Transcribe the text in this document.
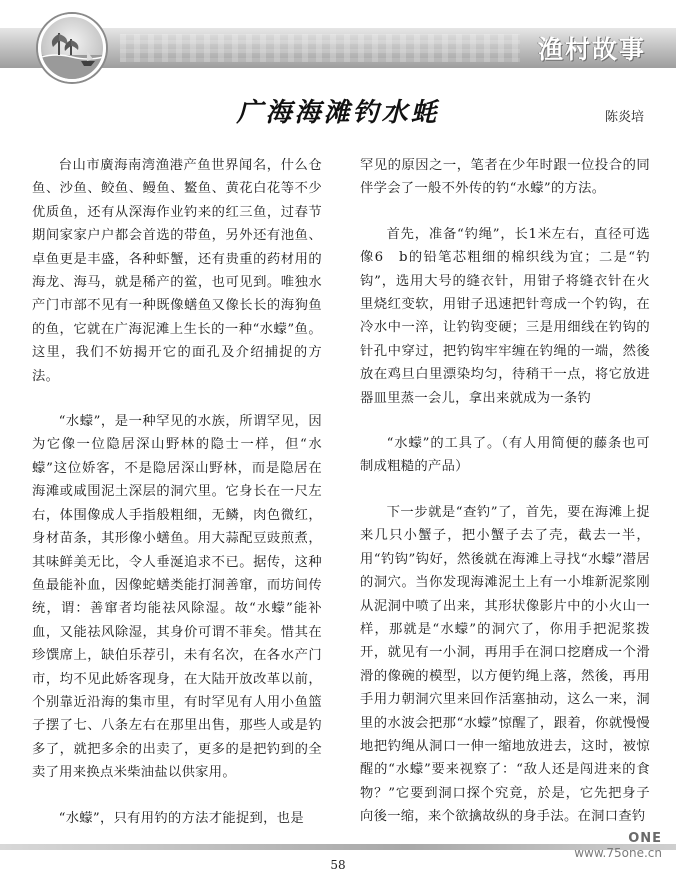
渔村故事
广海海滩钓水蚝	陈炎培

台山市廣海南湾渔港产鱼世界闻名，什么仓鱼、沙鱼、鲛鱼、鳗鱼、鳘鱼、黄花白花等不少优质鱼，还有从深海作业钓来的红三鱼，过春节期间家家户户都会首选的带鱼，另外还有池鱼、卓鱼更是丰盛，各种虾蟹，还有贵重的药材用的海龙、海马，就是稀产的鲎，也可见到。唯独水产门市部不见有一种既像蟮鱼又像长长的海狗鱼的鱼，它就在广海泥滩上生长的一种“水蠓”鱼。这里，我们不妨揭开它的面孔及介绍捕捉的方法。

“水蠓”，是一种罕见的水族，所谓罕见，因为它像一位隐居深山野林的隐士一样，但“水蠓”这位娇客，不是隐居深山野林，而是隐居在海滩或咸围泥土深层的洞穴里。它身长在一尺左右，体围像成人手指般粗细，无鳞，肉色微红，身材苗条，其形像小蟮鱼。用大蒜配豆豉煎煮，其味鲜美无比，令人垂涎追求不已。据传，这种鱼最能补血，因像蛇蟮类能打洞善窜，而坊间传统，谓：善窜者均能祛风除湿。故“水蠓”能补血，又能祛风除湿，其身价可谓不菲矣。惜其在珍馔席上，缺伯乐荐引，未有名次，在各水产门市，均不见此娇客现身，在大陆开放改革以前，个别靠近沿海的集市里，有时罕见有人用小鱼篮子摆了七、八条左右在那里出售，那些人或是钓多了，就把多余的出卖了，更多的是把钓到的全卖了用来换点米柴油盐以供家用。

“水蠓”，只有用钓的方法才能捉到，也是

罕见的原因之一，笔者在少年时跟一位投合的同伴学会了一般不外传的钓“水蠓”的方法。

首先，准备“钓绳”，长1米左右，直径可选像6　b的铅笔芯粗细的棉织线为宜；二是“钓钩”，选用大号的缝衣针，用钳子将缝衣针在火里烧红变软，用钳子迅速把针弯成一个钓钩，在冷水中一淬，让钓钩变硬；三是用细线在钓钩的针孔中穿过，把钓钩牢牢缠在钓绳的一端，然後放在鸡旦白里漂染均匀，待稍干一点，将它放进器皿里蒸一会儿，拿出来就成为一条钓

“水蠓”的工具了。（有人用简便的藤条也可制成粗糙的产品）

下一步就是“查钓”了，首先，要在海滩上捉来几只小蟹子，把小蟹子去了壳，截去一半，用“钓钩”钩好，然後就在海滩上寻找“水蠓”潜居的洞穴。当你发现海滩泥土上有一小堆新泥浆刚从泥洞中喷了出来，其形状像影片中的小火山一样，那就是“水蠓”的洞穴了，你用手把泥浆拨开，就见有一小洞，再用手在洞口挖磨成一个滑滑的像碗的模型，以方便钓绳上落，然後，再用手用力朝洞穴里来回作活塞抽动，这么一来，洞里的水波会把那“水蠓”惊醒了，跟着，你就慢慢地把钓绳从洞口一伸一缩地放进去，这时，被惊醒的“水蠓”要来视察了：“敌人还是闯进来的食物？”它要到洞口探个究竟，於是，它先把身子向後一缩，来个欲擒故纵的身手法。在洞口查钓

58
ONE
www.75one.cn
